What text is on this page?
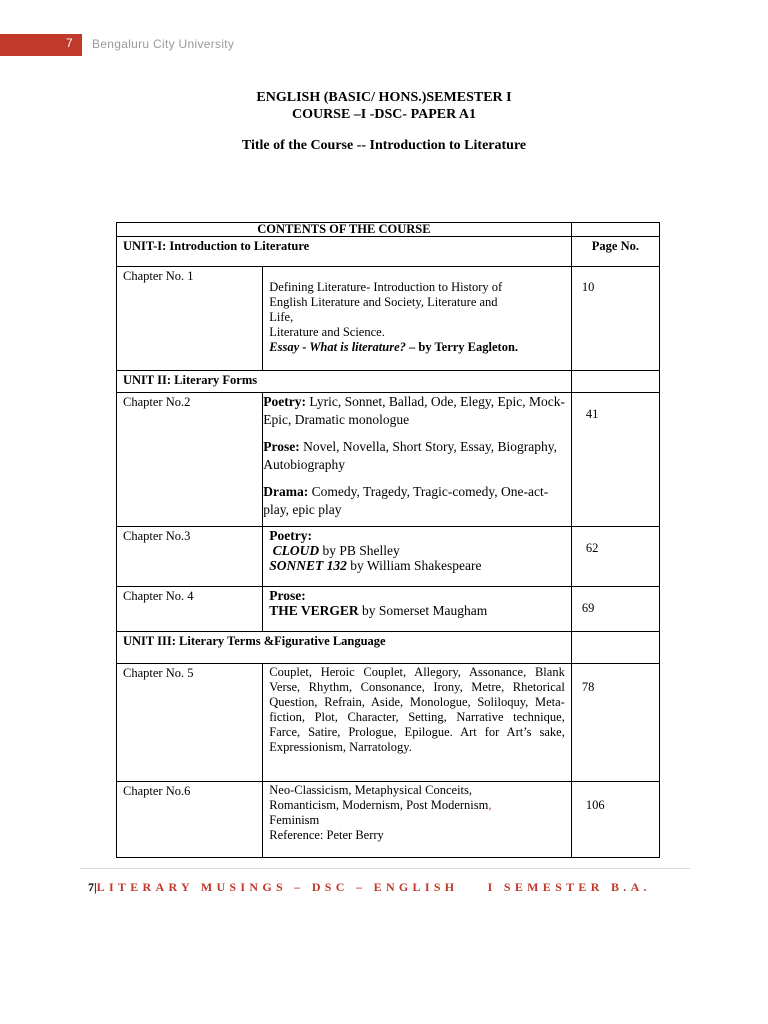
7 Bengaluru City University
ENGLISH (BASIC/ HONS.)SEMESTER I
COURSE –I -DSC- PAPER A1
Title of the Course -- Introduction to Literature
CONTENTS OF THE COURSE		
UNIT-I: Introduction to Literature		Page No.
Chapter No. 1	Defining Literature- Introduction to History of
English Literature and Society, Literature and
Life,
Literature and Science.
Essay - What is literature? – by Terry Eagleton.	10
UNIT II: Literary Forms		
Chapter No.2	Poetry: Lyric, Sonnet, Ballad, Ode, Elegy, Epic, Mock-Epic, Dramatic monologue
Prose: Novel, Novella, Short Story, Essay, Biography, Autobiography
Drama: Comedy, Tragedy, Tragic-comedy, One-act-play, epic play	41
Chapter No.3	Poetry:
CLOUD by PB Shelley
SONNET 132 by William Shakespeare	62
Chapter No. 4	Prose:
THE VERGER by Somerset Maugham	69
UNIT III: Literary Terms &Figurative Language		
Chapter No. 5	Couplet, Heroic Couplet, Allegory, Assonance, Blank Verse, Rhythm, Consonance, Irony, Metre, Rhetorical Question, Refrain, Aside, Monologue, Soliloquy, Meta-fiction, Plot, Character, Setting, Narrative technique, Farce, Satire, Prologue, Epilogue. Art for Art’s sake, Expressionism, Narratology.	78
Chapter No.6	Neo-Classicism, Metaphysical Conceits,
Romanticism, Modernism, Post Modernism,
Feminism
Reference: Peter Berry	106
7|LITERARY MUSINGS – DSC – ENGLISH    I SEMESTER B.A.
